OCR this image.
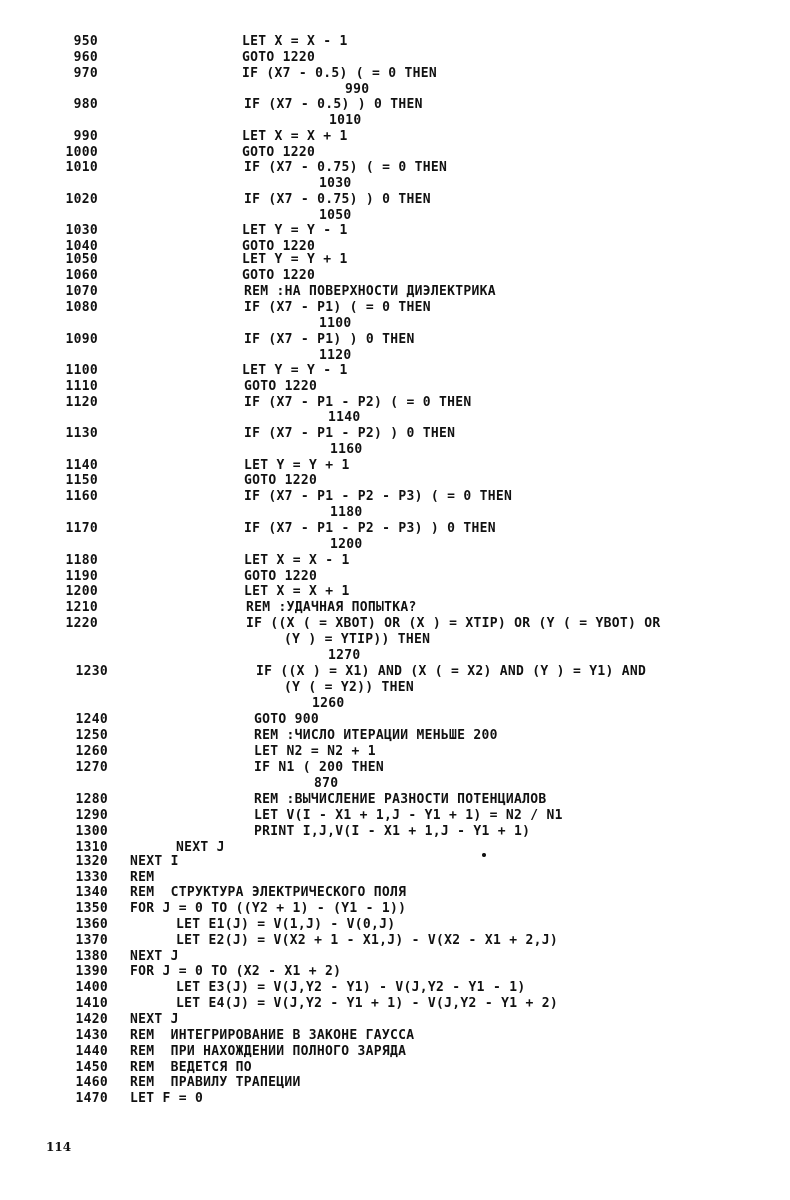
950	LET X = X - 1
960	GOTO 1220
970	IF (X7 - 0.5) ( = 0 THEN
990
980	IF (X7 - 0.5) ) 0 THEN
1010
990	LET X = X + 1
1000	GOTO 1220
1010	IF (X7 - 0.75) ( = 0 THEN
1030
1020	IF (X7 - 0.75) ) 0 THEN
1050
1030	LET Y = Y - 1
1040	GOTO 1220
1050	LET Y = Y + 1
1060	GOTO 1220
1070	REM :НА ПОВЕРХНОСТИ ДИЭЛЕКТРИКА
1080	IF (X7 - P1) ( = 0 THEN
1100
1090	IF (X7 - P1) ) 0 THEN
1120
1100	LET Y = Y - 1
1110	GOTO 1220
1120	IF (X7 - P1 - P2) ( = 0 THEN
1140
1130	IF (X7 - P1 - P2) ) 0 THEN
1160
1140	LET Y = Y + 1
1150	GOTO 1220
1160	IF (X7 - P1 - P2 - P3) ( = 0 THEN
1180
1170	IF (X7 - P1 - P2 - P3) ) 0 THEN
1200
1180	LET X = X - 1
1190	GOTO 1220
1200	LET X = X + 1
1210	REM :УДАЧНАЯ ПОПЫТКА?
1220	IF ((X ( = XBOT) OR (X ) = XTIP) OR (Y ( = YBOT) OR
(Y ) = YTIP)) THEN
1270
1230	IF ((X ) = X1) AND (X ( = X2) AND (Y ) = Y1) AND
(Y ( = Y2)) THEN
1260
1240	GOTO 900
1250	REM :ЧИСЛО ИТЕРАЦИИ МЕНЬШЕ 200
1260	LET N2 = N2 + 1
1270	IF N1 ( 200 THEN
870
1280	REM :ВЫЧИСЛЕНИЕ РАЗНОСТИ ПОТЕНЦИАЛОВ
1290	LET V(I - X1 + 1,J - Y1 + 1) = N2 / N1
1300	PRINT I,J,V(I - X1 + 1,J - Y1 + 1)
1310	NEXT J
1320 NEXT I
1330 REM
1340 REM  СТРУКТУРА ЭЛЕКТРИЧЕСКОГО ПОЛЯ
1350 FOR J = 0 TO ((Y2 + 1) - (Y1 - 1))
1360	LET E1(J) = V(1,J) - V(0,J)
1370	LET E2(J) = V(X2 + 1 - X1,J) - V(X2 - X1 + 2,J)
1380 NEXT J
1390 FOR J = 0 TO (X2 - X1 + 2)
1400	LET E3(J) = V(J,Y2 - Y1) - V(J,Y2 - Y1 - 1)
1410	LET E4(J) = V(J,Y2 - Y1 + 1) - V(J,Y2 - Y1 + 2)
1420 NEXT J
1430 REM  ИНТЕГРИРОВАНИЕ В ЗАКОНЕ ГАУССА
1440 REM  ПРИ НАХОЖДЕНИИ ПОЛНОГО ЗАРЯДА
1450 REM  ВЕДЕТСЯ ПО
1460 REM  ПРАВИЛУ ТРАПЕЦИИ
1470 LET F = 0
114
